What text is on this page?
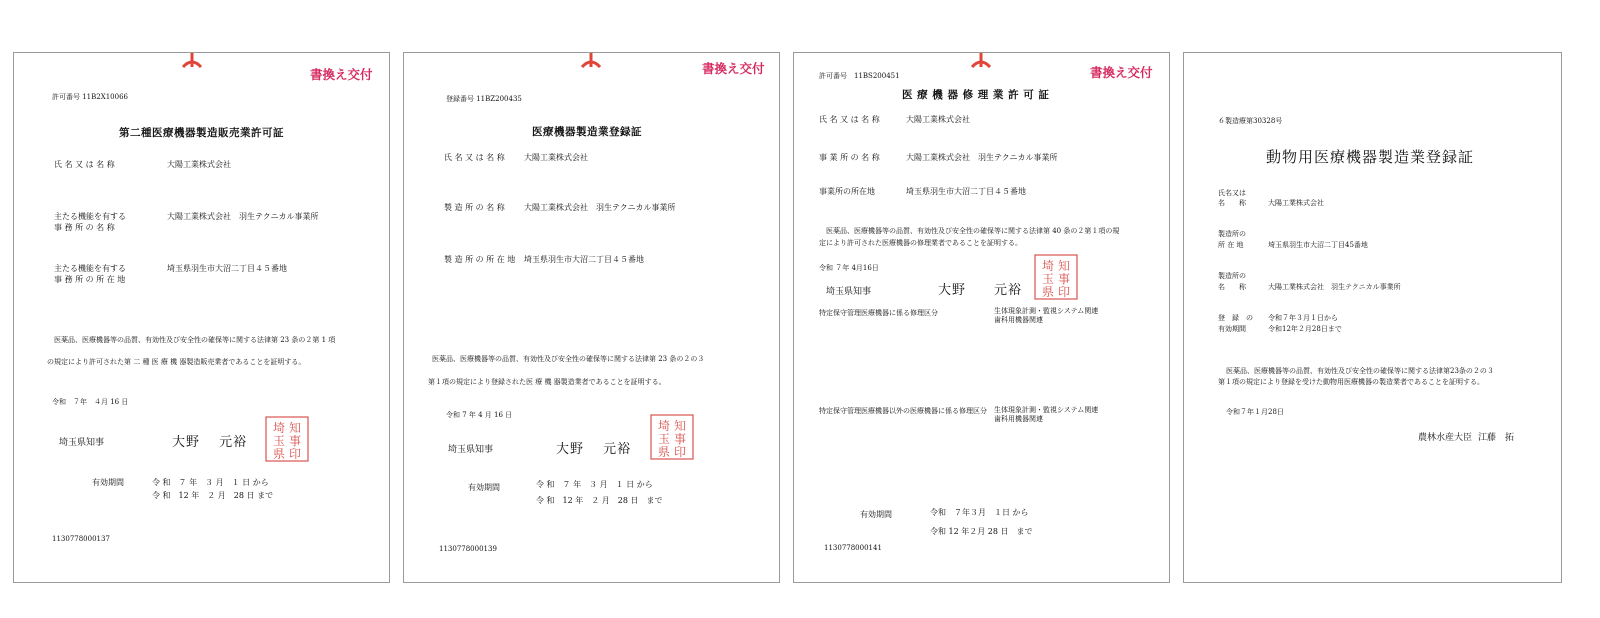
書換え交付
許可番号 11B2X10066
第二種医療機器製造販売業許可証
氏 名 又 は 名 称	大陽工業株式会社
主たる機能を有する
事 務 所 の 名 称
大陽工業株式会社　羽生テクニカル事業所
主たる機能を有する
事 務 所 の 所 在 地
埼玉県羽生市大沼二丁目４５番地
医薬品、医療機器等の品質、有効性及び安全性の確保等に関する法律第 23 条の２第 1 項
の規定により許可された第 二 種 医 療 機 器製造販売業者であることを証明する。
令和　７年　４月 16 日
埼玉県知事	大野　 元裕
埼
玉
県
知
事
印
有効期間	令 和　７ 年　３ 月　１ 日 から
令 和　12 年　２ 月　28 日 まで
1130778000137
書換え交付
登録番号 11BZ200435
医療機器製造業登録証
氏 名 又 は 名 称 大陽工業株式会社
製 造 所 の 名 称 大陽工業株式会社　羽生テクニカル事業所
製 造 所 の 所 在 地 埼玉県羽生市大沼二丁目４５番地
医薬品、医療機器等の品質、有効性及び安全性の確保等に関する法律第 23 条の２の３
第１項の規定により登録された医 療 機 器製造業者であることを証明する。
令和 7 年 4 月 16 日
埼玉県知事	大野　 元裕
埼
玉
県
知
事
印
有効期間	令 和　７ 年　３ 月　１ 日 から
令 和　12 年　２ 月　28 日　まで
1130778000139
書換え交付
許可番号　11BS200451
医 療 機 器 修 理 業 許 可 証
氏 名 又 は 名 称	大陽工業株式会社
事 業 所 の 名 称	大陽工業株式会社　羽生テクニカル事業所
事業所の所在地	埼玉県羽生市大沼二丁目４５番地
医薬品、医療機器等の品質、有効性及び安全性の確保等に関する法律第 40 条の２第１項の規
定により許可された医療機器の修理業者であることを証明する。
令和 ７年 4月16日
埼玉県知事	大野　　元裕
埼
玉
県
知
事
印
特定保守管理医療機器に係る修理区分	生体現象計測・監視システム関連
歯科用機器関連
特定保守管理医療機器以外の医療機器に係る修理区分 生体現象計測・監視システム関連
歯科用機器関連
有効期間	令和　７年３月　１日 から
令和 12 年２月 28 日　まで
1130778000141
６製造療第30328号
動物用医療機器製造業登録証
氏名又は
名　　称	大陽工業株式会社
製造所の
所 在 地	埼玉県羽生市大沼二丁目45番地
製造所の
名　　称	大陽工業株式会社　羽生テクニカル事業所
登　録　の
有効期間
令和７年３月１日から
令和12年２月28日まで
医薬品、医療機器等の品質、有効性及び安全性の確保等に関する法律第23条の２の３
第１項の規定により登録を受けた動物用医療機器の製造業者であることを証明する。
令和７年１月28日
農林水産大臣 江藤　拓
